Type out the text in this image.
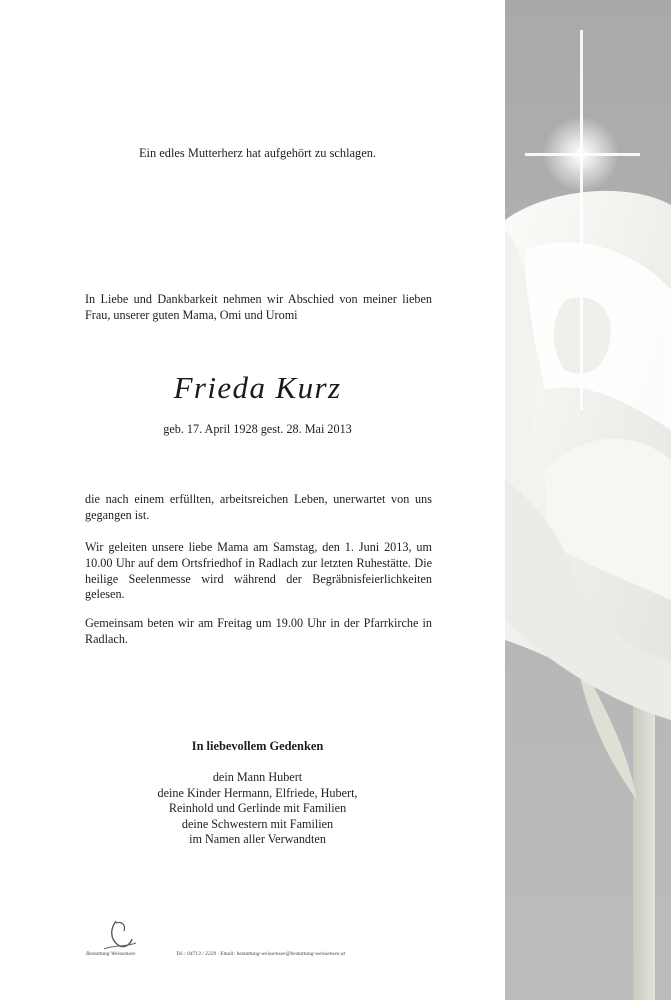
Ein edles Mutterherz hat aufgehört zu schlagen.
In Liebe und Dankbarkeit nehmen wir Abschied von meiner lieben Frau, unserer guten Mama, Omi und Uromi
Frieda Kurz
geb. 17. April 1928 gest. 28. Mai 2013
die nach einem erfüllten, arbeitsreichen Leben, unerwartet von uns gegangen ist.
Wir geleiten unsere liebe Mama am Samstag, den 1. Juni 2013, um 10.00 Uhr auf dem Ortsfriedhof in Radlach zur letzten Ruhestätte. Die heilige Seelenmesse wird während der Begräbnisfeierlichkeiten gelesen.
Gemeinsam beten wir am Freitag um 19.00 Uhr in der Pfarrkirche in Radlach.
In liebevollem Gedenken
dein Mann Hubert
deine Kinder Hermann, Elfriede, Hubert,
Reinhold und Gerlinde mit Familien
deine Schwestern mit Familien
im Namen aller Verwandten
Bestattung Weissensee	Tel.: 04713 / 2229 · Email: bestattung-weissensee@bestattung-weissensee.at
